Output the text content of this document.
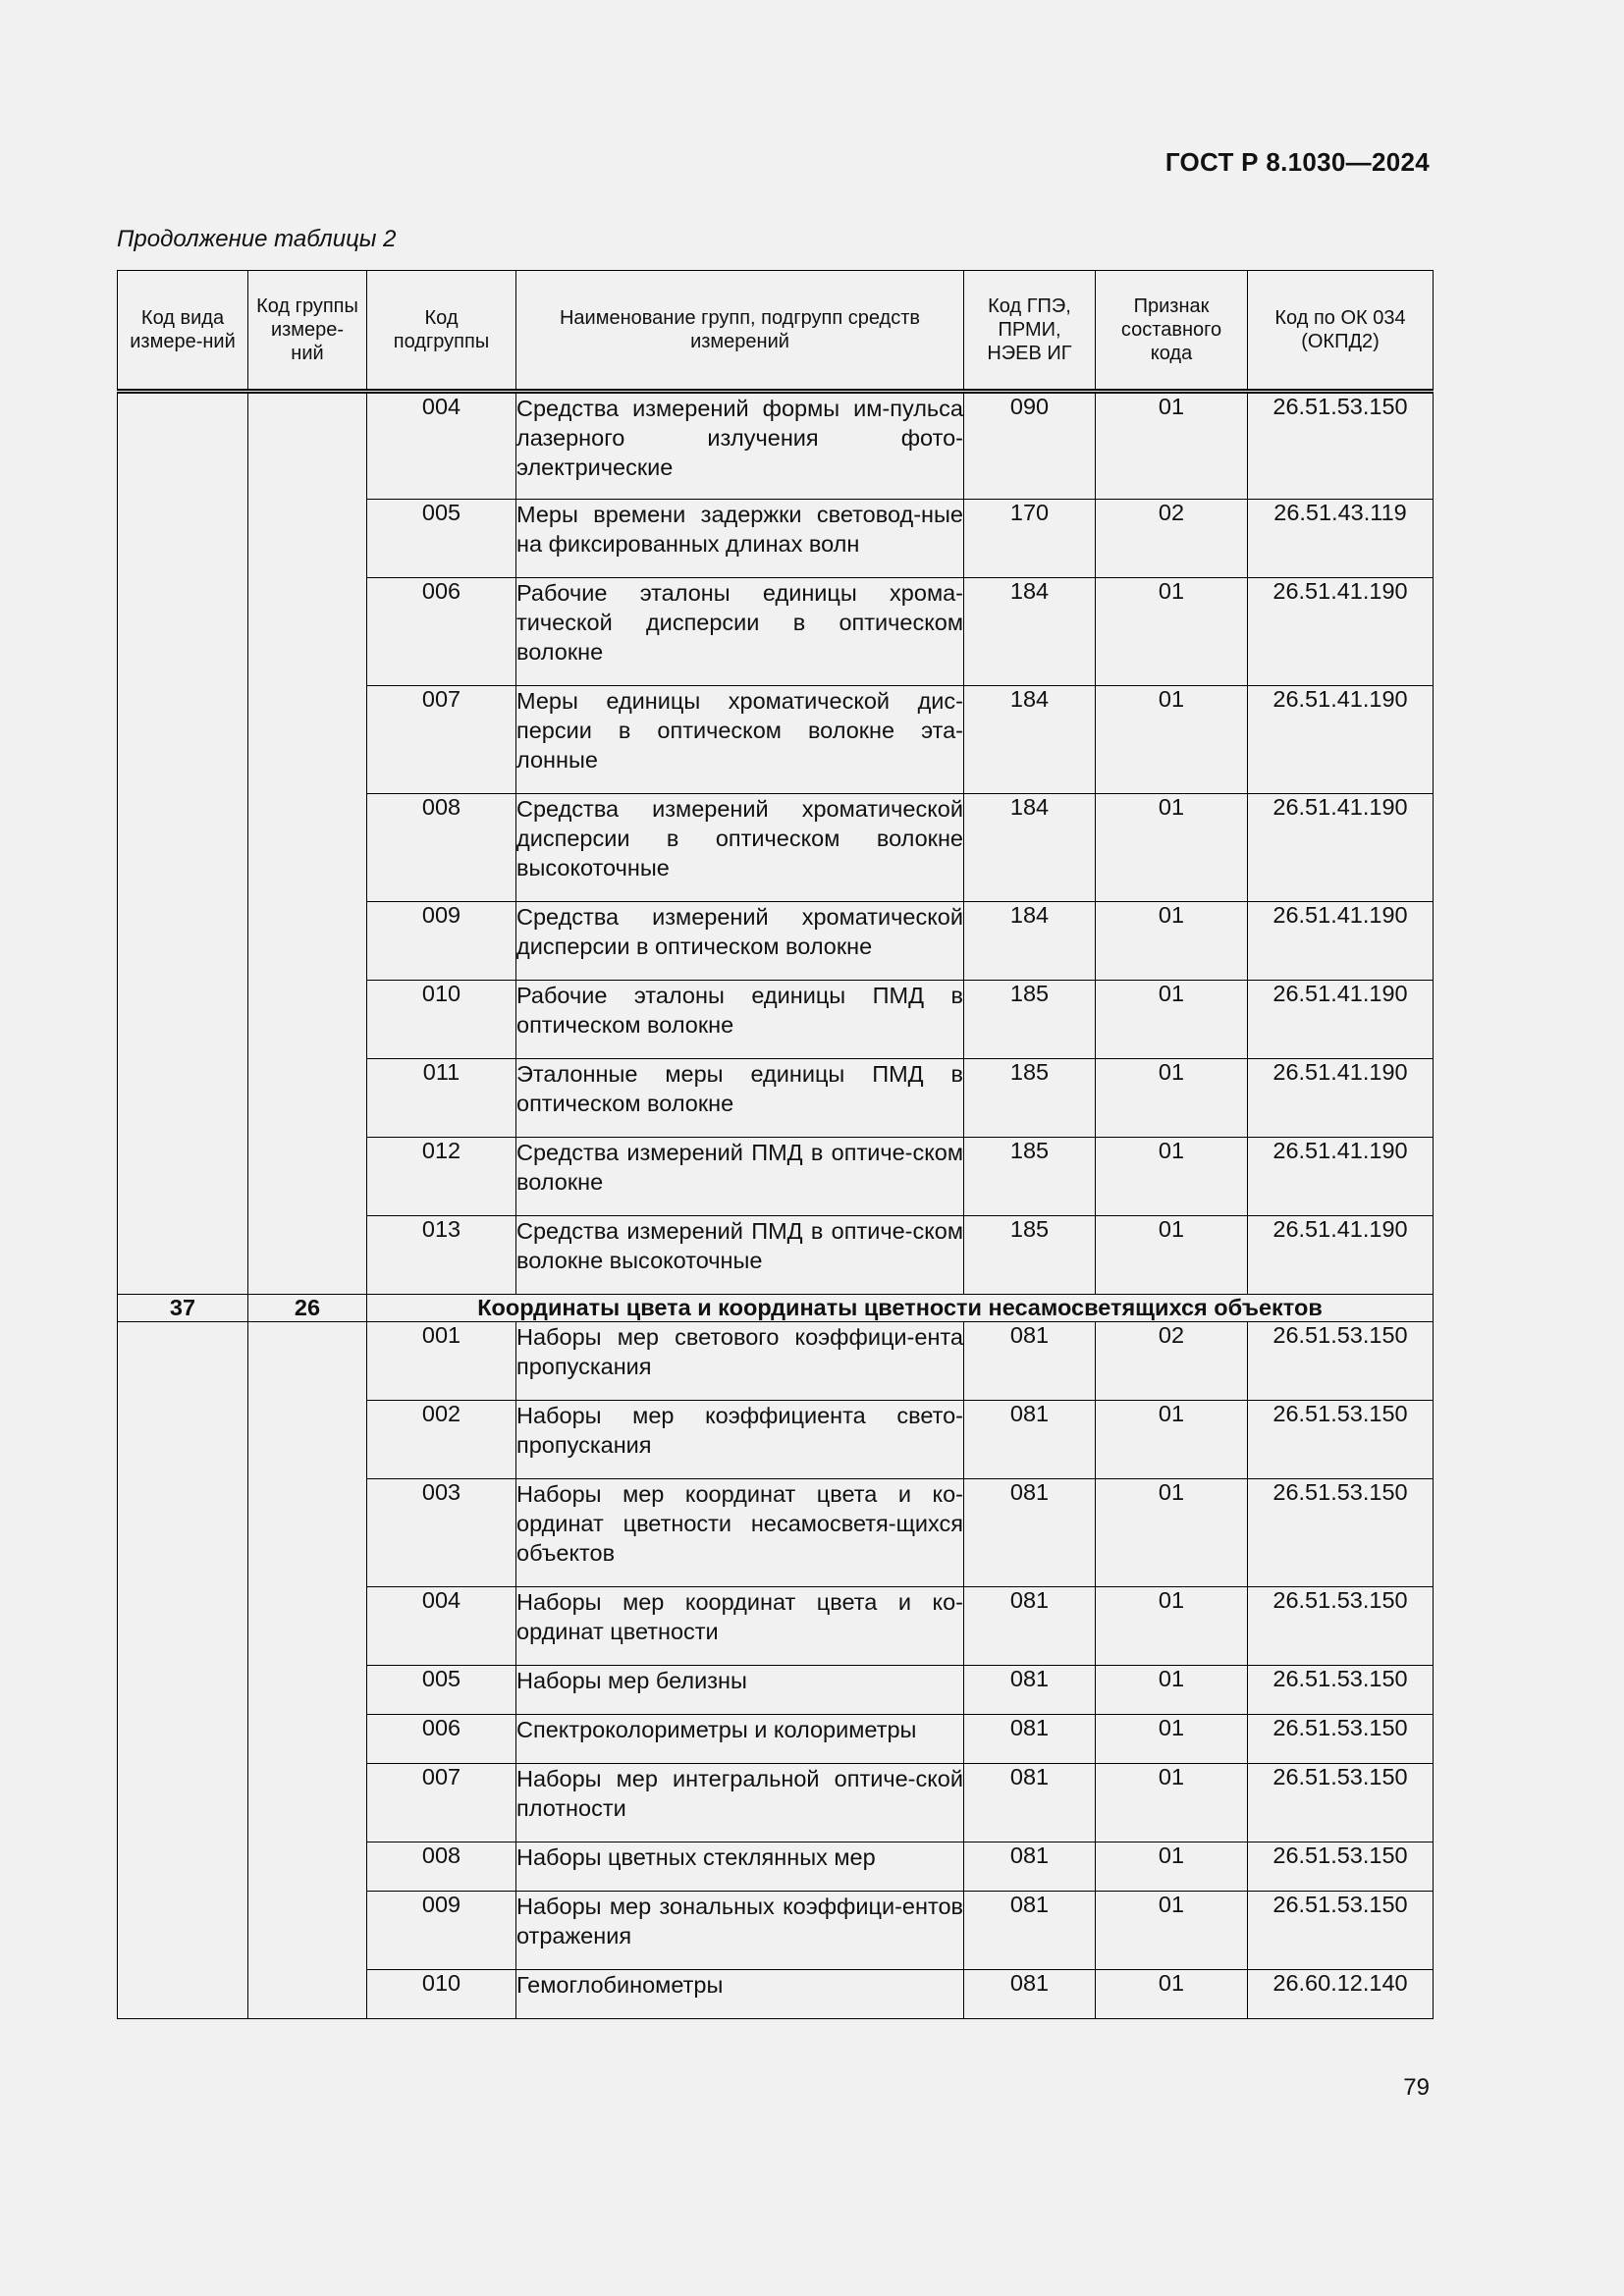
ГОСТ Р 8.1030—2024
Продолжение таблицы 2
Код вида измере-ний	Код группы измере-ний	Код подгруппы	Наименование групп, подгрупп средств измерений	Код ГПЭ, ПРМИ, НЭЕВ ИГ	Признак составного кода	Код по ОК 034 (ОКПД2)
		004	Средства измерений формы им-пульса лазерного излучения фото-электрические	090	01	26.51.53.150
		005	Меры времени задержки световод-ные на фиксированных длинах волн	170	02	26.51.43.119
		006	Рабочие эталоны единицы хрома-тической дисперсии в оптическом волокне	184	01	26.51.41.190
		007	Меры единицы хроматической дис-персии в оптическом волокне эта-лонные	184	01	26.51.41.190
		008	Средства измерений хроматической дисперсии в оптическом волокне высокоточные	184	01	26.51.41.190
		009	Средства измерений хроматической дисперсии в оптическом волокне	184	01	26.51.41.190
		010	Рабочие эталоны единицы ПМД в оптическом волокне	185	01	26.51.41.190
		011	Эталонные меры единицы ПМД в оптическом волокне	185	01	26.51.41.190
		012	Средства измерений ПМД в оптиче-ском волокне	185	01	26.51.41.190
		013	Средства измерений ПМД в оптиче-ском волокне высокоточные	185	01	26.51.41.190
37	26	Координаты цвета и координаты цветности несамосветящихся объектов				
		001	Наборы мер светового коэффици-ента пропускания	081	02	26.51.53.150
		002	Наборы мер коэффициента свето-пропускания	081	01	26.51.53.150
		003	Наборы мер координат цвета и ко-ординат цветности несамосветя-щихся объектов	081	01	26.51.53.150
		004	Наборы мер координат цвета и ко-ординат цветности	081	01	26.51.53.150
		005	Наборы мер белизны	081	01	26.51.53.150
		006	Спектроколориметры и колориметры	081	01	26.51.53.150
		007	Наборы мер интегральной оптиче-ской плотности	081	01	26.51.53.150
		008	Наборы цветных стеклянных мер	081	01	26.51.53.150
		009	Наборы мер зональных коэффици-ентов отражения	081	01	26.51.53.150
		010	Гемоглобинометры	081	01	26.60.12.140
79
